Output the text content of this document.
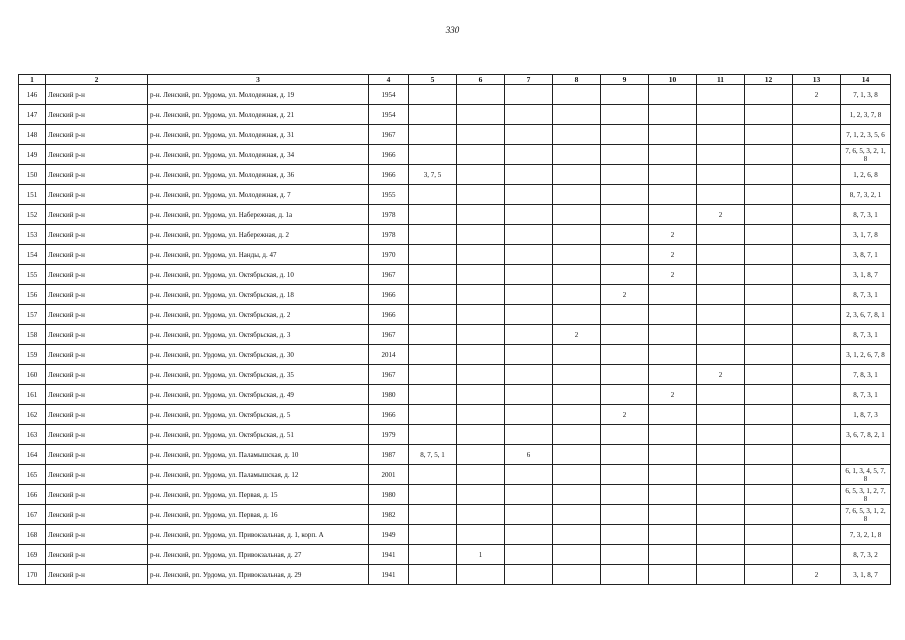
330
1	2	3	4	5	6	7	8	9	10	11	12	13	14
146	Ленский р-н	р-н. Ленский, рп. Урдома, ул. Молодежная, д. 19	1954									2	7, 1, 3, 8
147	Ленский р-н	р-н. Ленский, рп. Урдома, ул. Молодежная, д. 21	1954										1, 2, 3, 7, 8
148	Ленский р-н	р-н. Ленский, рп. Урдома, ул. Молодежная, д. 31	1967										7, 1, 2, 3, 5, 6
149	Ленский р-н	р-н. Ленский, рп. Урдома, ул. Молодежная, д. 34	1966										7, 6, 5, 3, 2, 1, 8
150	Ленский р-н	р-н. Ленский, рп. Урдома, ул. Молодежная, д. 36	1966	3, 7, 5									1, 2, 6, 8
151	Ленский р-н	р-н. Ленский, рп. Урдома, ул. Молодежная, д. 7	1955										8, 7, 3, 2, 1
152	Ленский р-н	р-н. Ленский, рп. Урдома, ул. Набережная, д. 1а	1978							2			8, 7, 3, 1
153	Ленский р-н	р-н. Ленский, рп. Урдома, ул. Набережная, д. 2	1978						2				3, 1, 7, 8
154	Ленский р-н	р-н. Ленский, рп. Урдома, ул. Нанды, д. 47	1970						2				3, 8, 7, 1
155	Ленский р-н	р-н. Ленский, рп. Урдома, ул. Октябрьская, д. 10	1967						2				3, 1, 8, 7
156	Ленский р-н	р-н. Ленский, рп. Урдома, ул. Октябрьская, д. 18	1966					2					8, 7, 3, 1
157	Ленский р-н	р-н. Ленский, рп. Урдома, ул. Октябрьская, д. 2	1966										2, 3, 6, 7, 8, 1
158	Ленский р-н	р-н. Ленский, рп. Урдома, ул. Октябрьская, д. 3	1967				2						8, 7, 3, 1
159	Ленский р-н	р-н. Ленский, рп. Урдома, ул. Октябрьская, д. 30	2014										3, 1, 2, 6, 7, 8
160	Ленский р-н	р-н. Ленский, рп. Урдома, ул. Октябрьская, д. 35	1967							2			7, 8, 3, 1
161	Ленский р-н	р-н. Ленский, рп. Урдома, ул. Октябрьская, д. 49	1980						2				8, 7, 3, 1
162	Ленский р-н	р-н. Ленский, рп. Урдома, ул. Октябрьская, д. 5	1966					2					1, 8, 7, 3
163	Ленский р-н	р-н. Ленский, рп. Урдома, ул. Октябрьская, д. 51	1979										3, 6, 7, 8, 2, 1
164	Ленский р-н	р-н. Ленский, рп. Урдома, ул. Паламышская, д. 10	1987	8, 7, 5, 1		6							
165	Ленский р-н	р-н. Ленский, рп. Урдома, ул. Паламышская, д. 12	2001										6, 1, 3, 4, 5, 7, 8
166	Ленский р-н	р-н. Ленский, рп. Урдома, ул. Первая, д. 15	1980										6, 5, 3, 1, 2, 7, 8
167	Ленский р-н	р-н. Ленский, рп. Урдома, ул. Первая, д. 16	1982										7, 6, 5, 3, 1, 2, 8
168	Ленский р-н	р-н. Ленский, рп. Урдома, ул. Привокзальная, д. 1, корп. А	1949										7, 3, 2, 1, 8
169	Ленский р-н	р-н. Ленский, рп. Урдома, ул. Привокзальная, д. 27	1941		1								8, 7, 3, 2
170	Ленский р-н	р-н. Ленский, рп. Урдома, ул. Привокзальная, д. 29	1941									2	3, 1, 8, 7
